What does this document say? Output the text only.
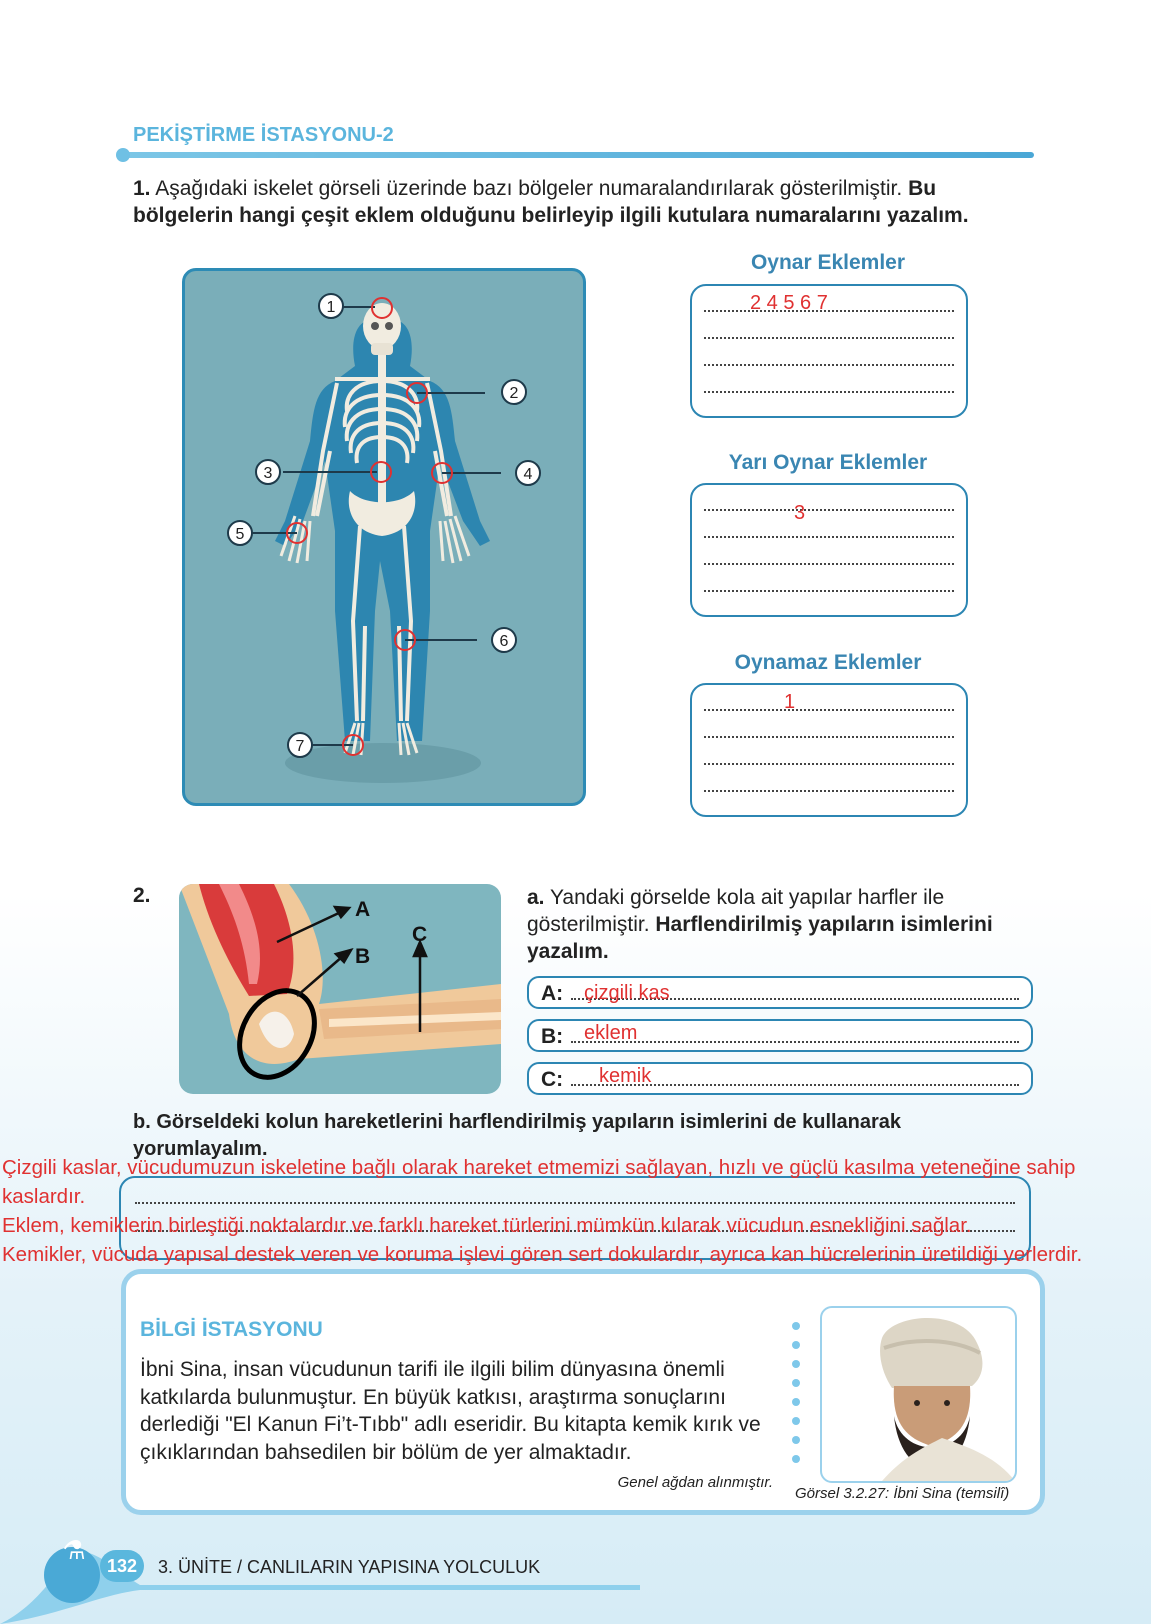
PEKİŞTİRME İSTASYONU-2
1. Aşağıdaki iskelet görseli üzerinde bazı bölgeler numaralandırılarak gösterilmiştir. Bu bölgelerin hangi çeşit eklem olduğunu belirleyip ilgili kutulara numaralarını yazalım.
1
2
3	4
5
6
7
Oynar Eklemler
2 4 5 6 7
Yarı Oynar Eklemler
3
Oynamaz Eklemler
1
2.
A
B
C
a. Yandaki görselde kola ait yapılar harfler ile gösterilmiştir. Harflendirilmiş yapıların isimlerini yazalım.
A: çizgili kas
B: eklem
C: kemik
b. Görseldeki kolun hareketlerini harflendirilmiş yapıların isimlerini de kullanarak yorumlayalım.
Çizgili kaslar, vücudumuzun iskeletine bağlı olarak hareket etmemizi sağlayan, hızlı ve güçlü kasılma yeteneğine sahip kaslardır.
Eklem, kemiklerin birleştiği noktalardır ve farklı hareket türlerini mümkün kılarak vücudun esnekliğini sağlar.
Kemikler, vücuda yapısal destek veren ve koruma işlevi gören sert dokulardır, ayrıca kan hücrelerinin üretildiği yerlerdir.
BİLGİ İSTASYONU
İbni Sina, insan vücudunun tarifi ile ilgili bilim dünyasına önemli katkılarda bulunmuştur. En büyük katkısı, araştırma sonuçlarını derlediği "El Kanun Fi’t-Tıbb" adlı eseridir. Bu kitapta kemik kırık ve çıkıklarından bahsedilen bir bölüm de yer almaktadır.
Genel ağdan alınmıştır.
Görsel 3.2.27: İbni Sina (temsilî)
⚗
132	3. ÜNİTE / CANLILARIN YAPISINA YOLCULUK
